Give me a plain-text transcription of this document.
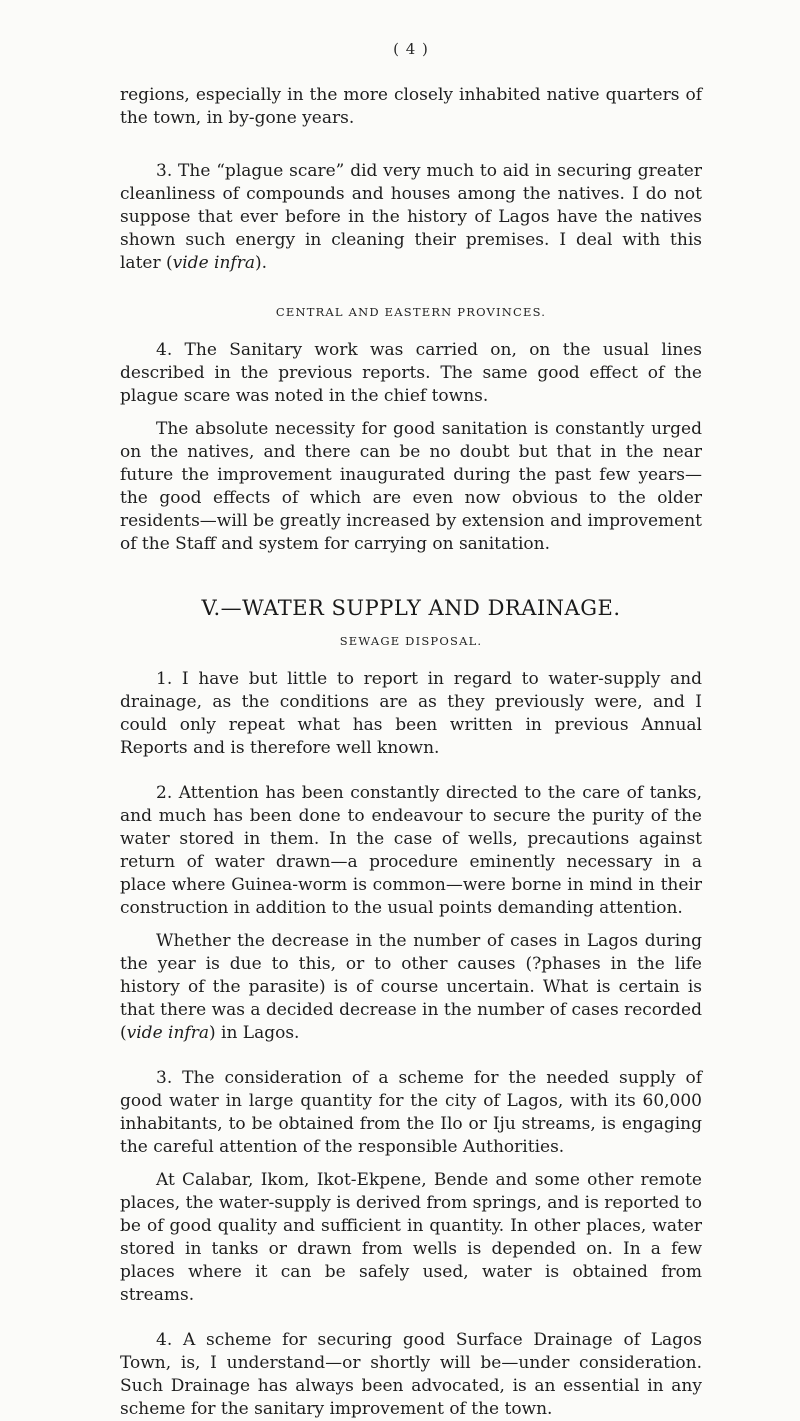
( 4 )

regions, especially in the more closely inhabited native quarters of the town, in by-gone years.

3. The “plague scare” did very much to aid in securing greater cleanliness of compounds and houses among the natives. I do not suppose that ever before in the history of Lagos have the natives shown such energy in cleaning their premises. I deal with this later (vide infra).

CENTRAL AND EASTERN PROVINCES.

4. The Sanitary work was carried on, on the usual lines described in the previous reports. The same good effect of the plague scare was noted in the chief towns.

The absolute necessity for good sanitation is constantly urged on the natives, and there can be no doubt but that in the near future the improvement inaugurated during the past few years—the good effects of which are even now obvious to the older residents—will be greatly increased by extension and improvement of the Staff and system for carrying on sanitation.

V.—WATER SUPPLY AND DRAINAGE.
SEWAGE DISPOSAL.

1. I have but little to report in regard to water-supply and drainage, as the conditions are as they previously were, and I could only repeat what has been written in previous Annual Reports and is therefore well known.

2. Attention has been constantly directed to the care of tanks, and much has been done to endeavour to secure the purity of the water stored in them. In the case of wells, precautions against return of water drawn—a procedure eminently necessary in a place where Guinea-worm is common—were borne in mind in their construction in addition to the usual points demanding attention.

Whether the decrease in the number of cases in Lagos during the year is due to this, or to other causes (?phases in the life history of the parasite) is of course uncertain. What is certain is that there was a decided decrease in the number of cases recorded (vide infra) in Lagos.

3. The consideration of a scheme for the needed supply of good water in large quantity for the city of Lagos, with its 60,000 inhabitants, to be obtained from the Ilo or Iju streams, is engaging the careful attention of the responsible Authorities.

At Calabar, Ikom, Ikot-Ekpene, Bende and some other remote places, the water-supply is derived from springs, and is reported to be of good quality and sufficient in quantity. In other places, water stored in tanks or drawn from wells is depended on. In a few places where it can be safely used, water is obtained from streams.

4. A scheme for securing good Surface Drainage of Lagos Town, is, I understand—or shortly will be—under consideration. Such Drainage has always been advocated, is an essential in any scheme for the sanitary improvement of the town.
